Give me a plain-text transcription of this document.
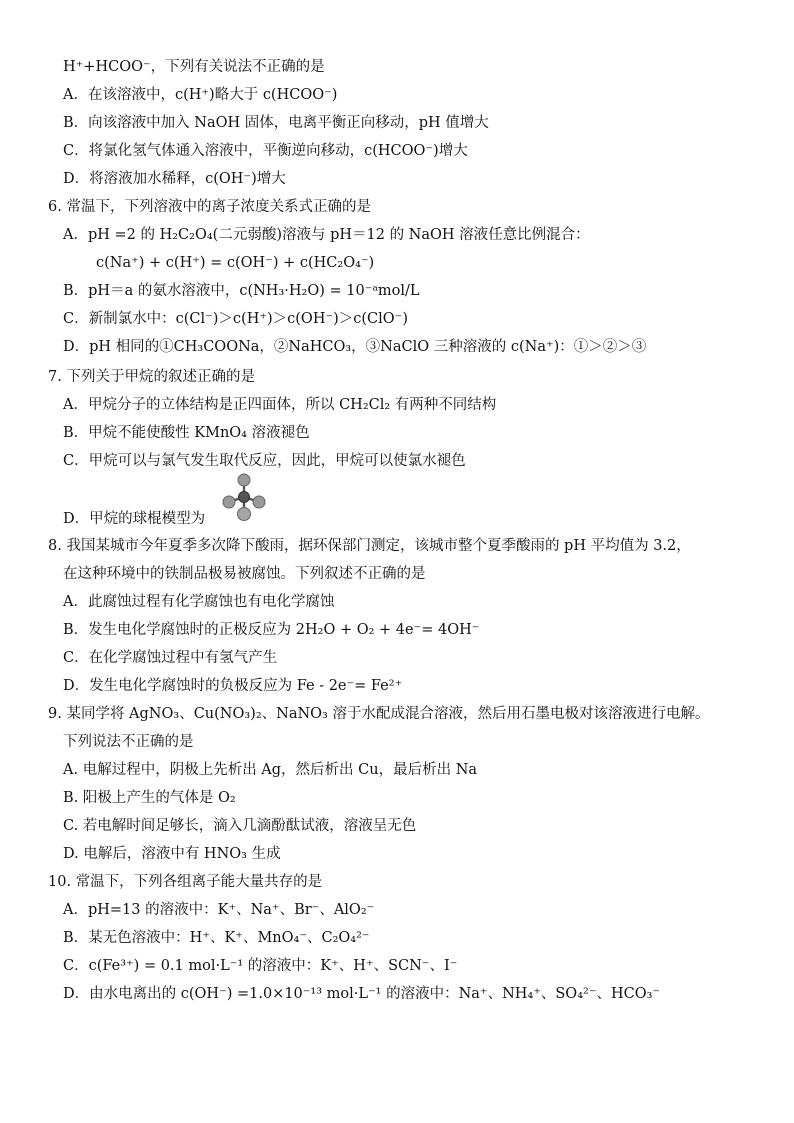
H⁺+HCOO⁻，下列有关说法不正确的是
A．在该溶液中，c(H⁺)略大于 c(HCOO⁻)
B．向该溶液中加入 NaOH 固体，电离平衡正向移动，pH 值增大
C．将氯化氢气体通入溶液中，平衡逆向移动，c(HCOO⁻)增大
D．将溶液加水稀释，c(OH⁻)增大
6. 常温下，下列溶液中的离子浓度关系式正确的是
A．pH =2 的 H₂C₂O₄(二元弱酸)溶液与 pH＝12 的 NaOH 溶液任意比例混合：
c(Na⁺) + c(H⁺) = c(OH⁻) + c(HC₂O₄⁻)
B．pH＝a 的氨水溶液中，c(NH₃·H₂O) = 10⁻ᵃmol/L
C．新制氯水中：c(Cl⁻)＞c(H⁺)＞c(OH⁻)＞c(ClO⁻)
D．pH 相同的①CH₃COONa，②NaHCO₃，③NaClO 三种溶液的 c(Na⁺)：①＞②＞③
7. 下列关于甲烷的叙述正确的是
A．甲烷分子的立体结构是正四面体，所以 CH₂Cl₂ 有两种不同结构
B．甲烷不能使酸性 KMnO₄ 溶液褪色
C．甲烷可以与氯气发生取代反应，因此，甲烷可以使氯水褪色
D．甲烷的球棍模型为
8. 我国某城市今年夏季多次降下酸雨，据环保部门测定，该城市整个夏季酸雨的 pH 平均值为 3.2，
在这种环境中的铁制品极易被腐蚀。下列叙述不正确的是
A．此腐蚀过程有化学腐蚀也有电化学腐蚀
B．发生电化学腐蚀时的正极反应为 2H₂O + O₂ + 4e⁻= 4OH⁻
C．在化学腐蚀过程中有氢气产生
D．发生电化学腐蚀时的负极反应为 Fe - 2e⁻= Fe²⁺
9. 某同学将 AgNO₃、Cu(NO₃)₂、NaNO₃ 溶于水配成混合溶液，然后用石墨电极对该溶液进行电解。
下列说法不正确的是
A. 电解过程中，阴极上先析出 Ag，然后析出 Cu，最后析出 Na
B. 阳极上产生的气体是 O₂
C. 若电解时间足够长，滴入几滴酚酞试液，溶液呈无色
D. 电解后，溶液中有 HNO₃ 生成
10. 常温下，下列各组离子能大量共存的是
A．pH=13 的溶液中：K⁺、Na⁺、Br⁻、AlO₂⁻
B．某无色溶液中：H⁺、K⁺、MnO₄⁻、C₂O₄²⁻
C．c(Fe³⁺) = 0.1 mol·L⁻¹ 的溶液中：K⁺、H⁺、SCN⁻、I⁻
D．由水电离出的 c(OH⁻) =1.0×10⁻¹³ mol·L⁻¹ 的溶液中：Na⁺、NH₄⁺、SO₄²⁻、HCO₃⁻
